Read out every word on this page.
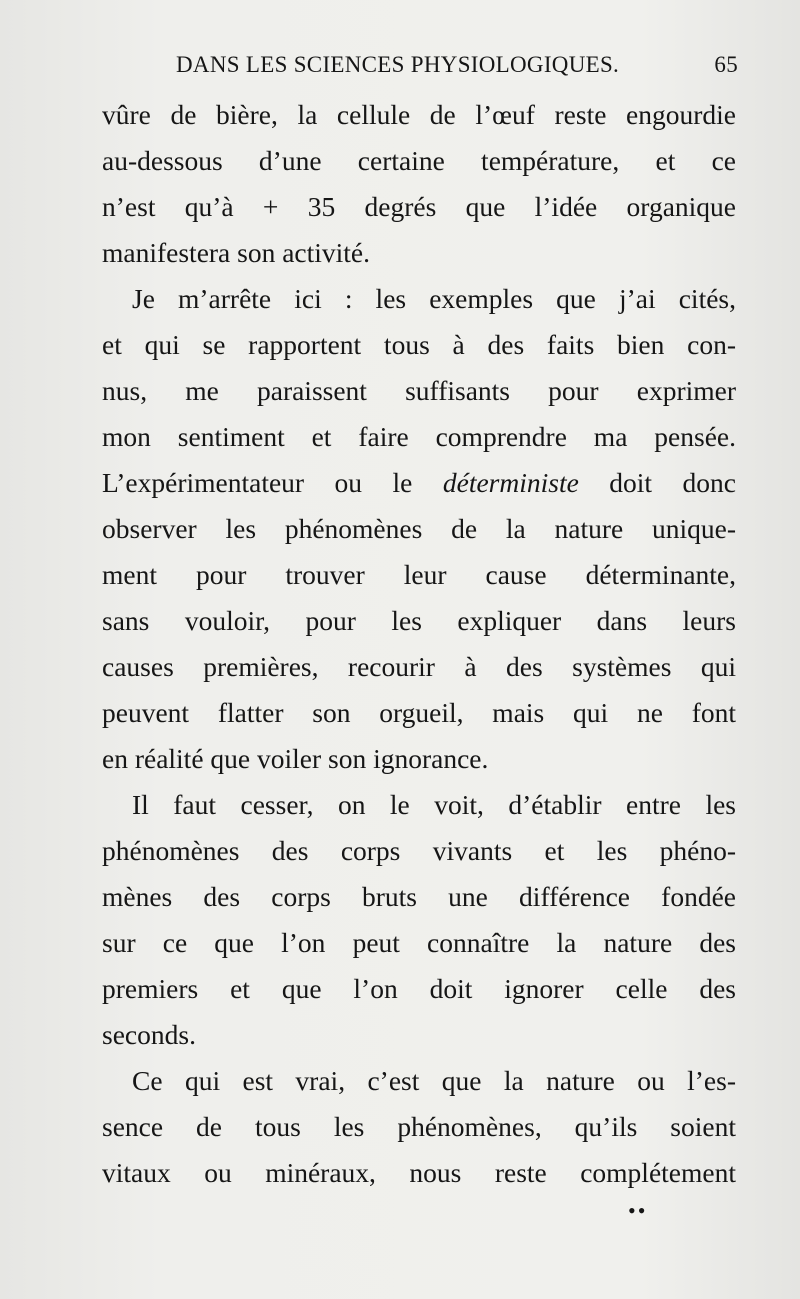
DANS LES SCIENCES PHYSIOLOGIQUES.	65
vûre de bière, la cellule de l’œuf reste engourdie
au-dessous d’une certaine température, et ce
n’est qu’à + 35 degrés que l’idée organique
manifestera son activité.
Je m’arrête ici : les exemples que j’ai cités,
et qui se rapportent tous à des faits bien con-
nus, me paraissent suffisants pour exprimer
mon sentiment et faire comprendre ma pensée.
L’expérimentateur ou le déterministe doit donc
observer les phénomènes de la nature unique-
ment pour trouver leur cause déterminante,
sans vouloir, pour les expliquer dans leurs
causes premières, recourir à des systèmes qui
peuvent flatter son orgueil, mais qui ne font
en réalité que voiler son ignorance.
Il faut cesser, on le voit, d’établir entre les
phénomènes des corps vivants et les phéno-
mènes des corps bruts une différence fondée
sur ce que l’on peut connaître la nature des
premiers et que l’on doit ignorer celle des
seconds.
Ce qui est vrai, c’est que la nature ou l’es-
sence de tous les phénomènes, qu’ils soient
vitaux ou minéraux, nous reste complétement
••
